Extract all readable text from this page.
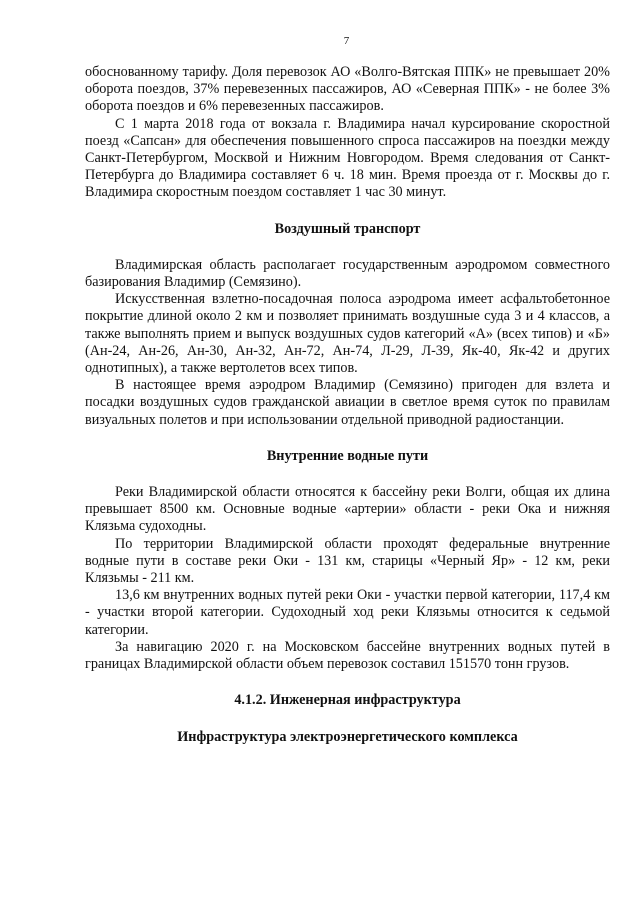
7

обоснованному тарифу. Доля перевозок АО «Волго-Вятская ППК» не превышает 20% оборота поездов, 37% перевезенных пассажиров, АО «Северная ППК» - не более 3% оборота поездов и 6% перевезенных пассажиров.

С 1 марта 2018 года от вокзала г. Владимира начал курсирование скоростной поезд «Сапсан» для обеспечения повышенного спроса пассажиров на поездки между Санкт-Петербургом, Москвой и Нижним Новгородом. Время следования от Санкт-Петербурга до Владимира составляет 6 ч. 18 мин. Время проезда от г. Москвы до г. Владимира скоростным поездом составляет 1 час 30 минут.

Воздушный транспорт

Владимирская область располагает государственным аэродромом совместного базирования Владимир (Семязино).

Искусственная взлетно-посадочная полоса аэродрома имеет асфальтобетонное покрытие длиной около 2 км и позволяет принимать воздушные суда 3 и 4 классов, а также выполнять прием и выпуск воздушных судов категорий «А» (всех типов) и «Б» (Ан-24, Ан-26, Ан-30, Ан-32, Ан-72, Ан-74, Л-29, Л-39, Як-40, Як-42 и других однотипных), а также вертолетов всех типов.

В настоящее время аэродром Владимир (Семязино) пригоден для взлета и посадки воздушных судов гражданской авиации в светлое время суток по правилам визуальных полетов и при использовании отдельной приводной радиостанции.

Внутренние водные пути

Реки Владимирской области относятся к бассейну реки Волги, общая их длина превышает 8500 км. Основные водные «артерии» области - реки Ока и нижняя Клязьма судоходны.

По территории Владимирской области проходят федеральные внутренние водные пути в составе реки Оки - 131 км, старицы «Черный Яр» - 12 км, реки Клязьмы - 211 км.

13,6 км внутренних водных путей реки Оки - участки первой категории, 117,4 км - участки второй категории. Судоходный ход реки Клязьмы относится к седьмой категории.

За навигацию 2020 г. на Московском бассейне внутренних водных путей в границах Владимирской области объем перевозок составил 151570 тонн грузов.

4.1.2. Инженерная инфраструктура
Инфраструктура электроэнергетического комплекса
